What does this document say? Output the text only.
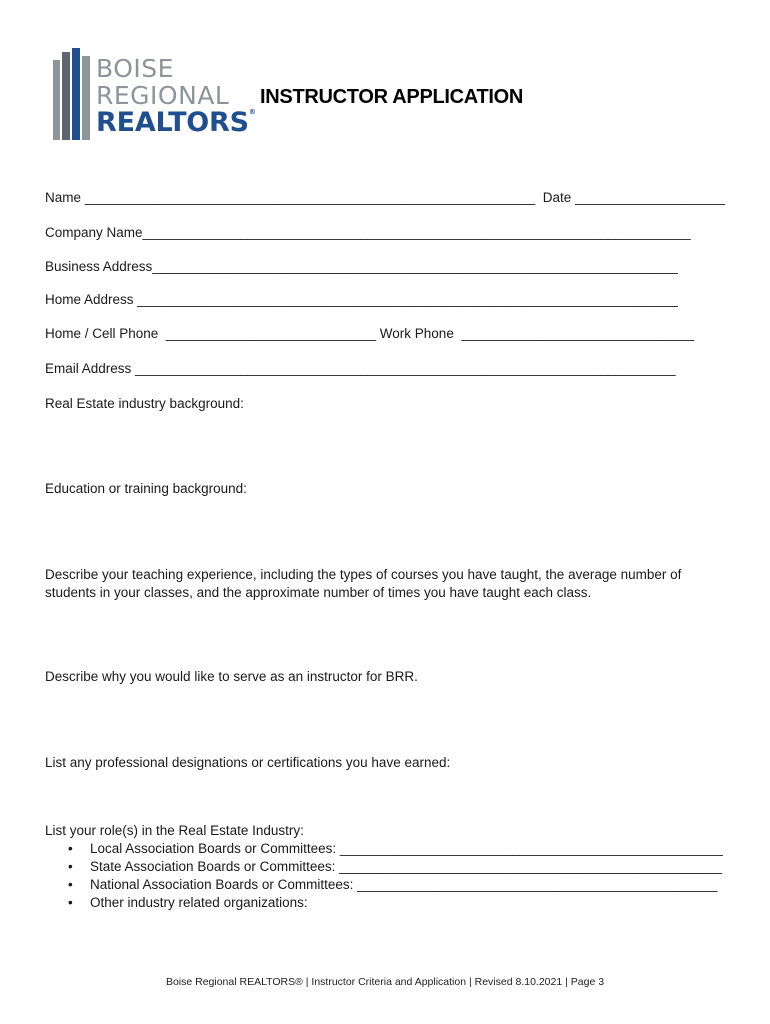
BOISE
REGIONAL
REALTORS®
INSTRUCTOR APPLICATION
Name ____________________________________________________________  Date ____________________
Company Name_________________________________________________________________________
Business Address______________________________________________________________________
Home Address ________________________________________________________________________
Home / Cell Phone  ____________________________ Work Phone  _______________________________
Email Address ________________________________________________________________________
Real Estate industry background:
Education or training background:
Describe your teaching experience, including the types of courses you have taught, the average number of students in your classes, and the approximate number of times you have taught each class.
Describe why you would like to serve as an instructor for BRR.
List any professional designations or certifications you have earned:
List your role(s) in the Real Estate Industry:
• Local Association Boards or Committees: ___________________________________________________
• State Association Boards or Committees: ___________________________________________________
• National Association Boards or Committees: ________________________________________________
• Other industry related organizations:
Boise Regional REALTORS® | Instructor Criteria and Application | Revised 8.10.2021 | Page 3
